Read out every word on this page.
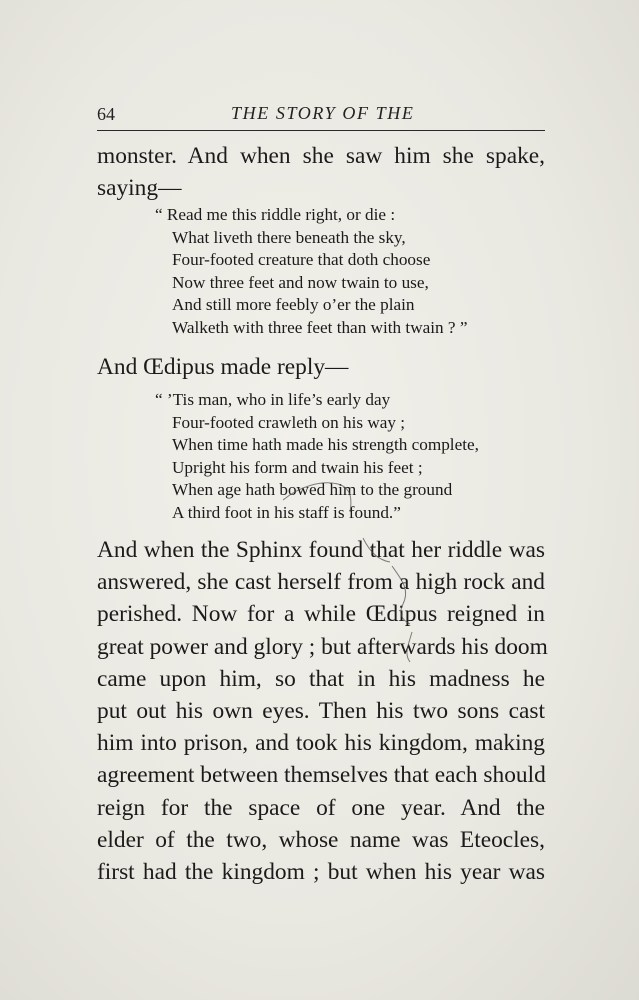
64	THE STORY OF THE

monster. And when she saw him she spake,

saying—

“ Read me this riddle right, or die :
What liveth there beneath the sky,
Four-footed creature that doth choose
Now three feet and now twain to use,
And still more feebly o’er the plain
Walketh with three feet than with twain ? ”

And Œdipus made reply—

“ ’Tis man, who in life’s early day
Four-footed crawleth on his way ;
When time hath made his strength complete,
Upright his form and twain his feet ;
When age hath bowed him to the ground
A third foot in his staff is found.”
And when the Sphinx found that her riddle was
answered, she cast herself from a high rock and
perished. Now for a while Œdipus reigned in
great power and glory ; but afterwards his doom
came upon him, so that in his madness he
put out his own eyes. Then his two sons cast
him into prison, and took his kingdom, making
agreement between themselves that each should
reign for the space of one year. And the
elder of the two, whose name was Eteocles,
first had the kingdom ; but when his year was
